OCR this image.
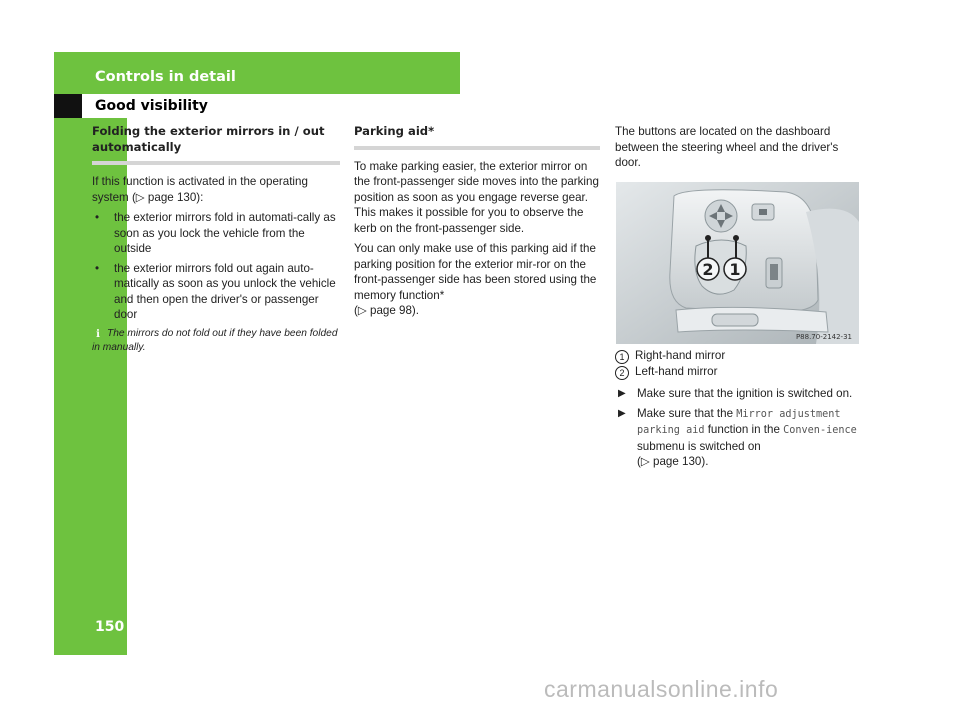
Controls in detail
Good visibility
150
Folding the exterior mirrors in / out automatically

If this function is activated in the operating system (▷ page 130):

• the exterior mirrors fold in automati-cally as soon as you lock the vehicle from the outside
• the exterior mirrors fold out again auto-matically as soon as you unlock the vehicle and then open the driver's or passenger door
i The mirrors do not fold out if they have been folded in manually.
Parking aid*

To make parking easier, the exterior mirror on the front-passenger side moves into the parking position as soon as you engage reverse gear. This makes it possible for you to observe the kerb on the front-passenger side.

You can only make use of this parking aid if the parking position for the exterior mir-ror on the front-passenger side has been stored using the memory function*

(▷ page 98).

The buttons are located on the dashboard between the steering wheel and the driver's door.

2 1
P88.70-2142-31
1 Right-hand mirror
2 Left-hand mirror
▶ Make sure that the ignition is switched on.
▶ Make sure that the Mirror adjustment parking aid function in the Conven-ience submenu is switched on
(▷ page 130).
carmanualsonline.info
